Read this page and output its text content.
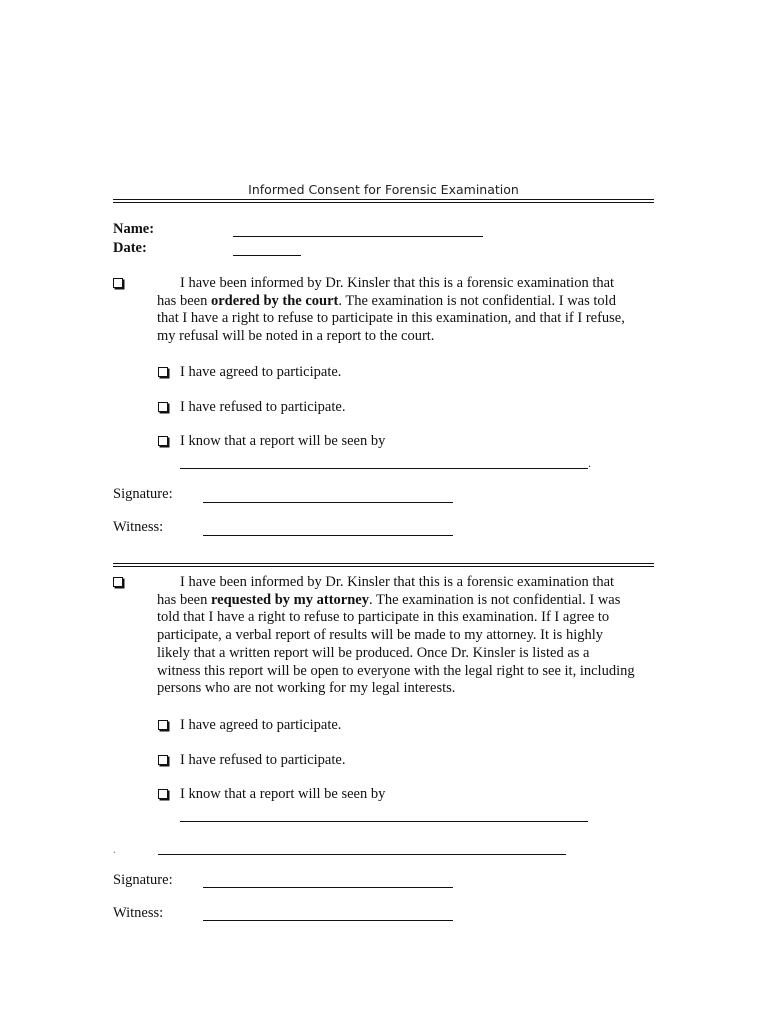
Informed Consent for Forensic Examination
Name:
Date:
I have been informed by Dr. Kinsler that this is a forensic examination that
has been ordered by the court. The examination is not confidential. I was told
that I have a right to refuse to participate in this examination, and that if I refuse,
my refusal will be noted in a report to the court.
I have agreed to participate.
I have refused to participate.
I know that a report will be seen by
.
Signature:
Witness:
I have been informed by Dr. Kinsler that this is a forensic examination that
has been requested by my attorney. The examination is not confidential. I was
told that I have a right to refuse to participate in this examination. If I agree to
participate, a verbal report of results will be made to my attorney. It is highly
likely that a written report will be produced. Once Dr. Kinsler is listed as a
witness this report will be open to everyone with the legal right to see it, including
persons who are not working for my legal interests.
I have agreed to participate.
I have refused to participate.
I know that a report will be seen by
.
Signature:
Witness:
